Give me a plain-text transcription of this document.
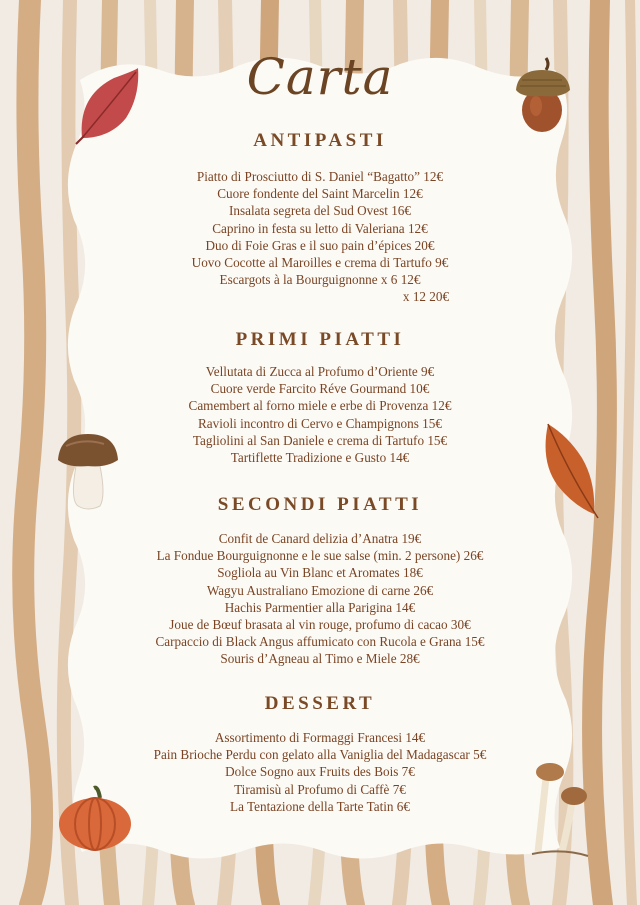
Carta
ANTIPASTI
Piatto di Prosciutto di S. Daniel “Bagatto” 12€
Cuore fondente del Saint Marcelin 12€
Insalata segreta del Sud Ovest 16€
Caprino in festa su letto di Valeriana 12€
Duo di Foie Gras e il suo pain d’épices 20€
Uovo Cocotte al Maroilles e crema di Tartufo 9€
Escargots à la Bourguignonne x 6 12€
x 12 20€
PRIMI PIATTI
Vellutata di Zucca al Profumo d’Oriente 9€
Cuore verde Farcito Réve Gourmand 10€
Camembert al forno miele e erbe di Provenza 12€
Ravioli incontro di Cervo e Champignons 15€
Tagliolini al San Daniele e crema di Tartufo 15€
Tartiflette Tradizione e Gusto 14€
SECONDI PIATTI
Confit de Canard delizia d’Anatra 19€
La Fondue Bourguignonne e le sue salse (min. 2 persone) 26€
Sogliola au Vin Blanc et Aromates 18€
Wagyu Australiano Emozione di carne 26€
Hachis Parmentier alla Parigina 14€
Joue de Bœuf brasata al vin rouge, profumo di cacao 30€
Carpaccio di Black Angus affumicato con Rucola e Grana 15€
Souris d’Agneau al Timo e Miele 28€
DESSERT
Assortimento di Formaggi Francesi 14€
Pain Brioche Perdu con gelato alla Vaniglia del Madagascar 5€
Dolce Sogno aux Fruits des Bois 7€
Tiramisù al Profumo di Caffè 7€
La Tentazione della Tarte Tatin 6€
